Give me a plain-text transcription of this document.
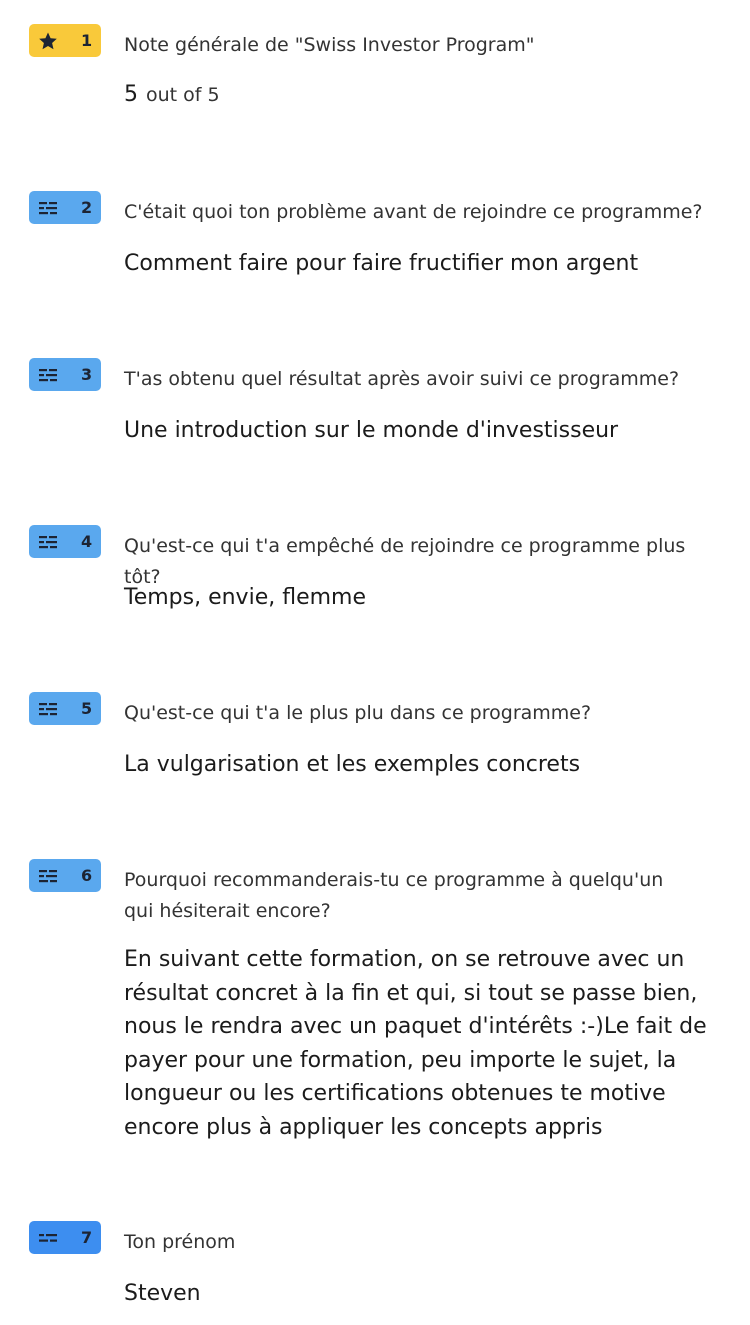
1 Note générale de "Swiss Investor Program"
5 out of 5
2 C'était quoi ton problème avant de rejoindre ce programme?
Comment faire pour faire fructifier mon argent
3 T'as obtenu quel résultat après avoir suivi ce programme?
Une introduction sur le monde d'investisseur
4 Qu'est-ce qui t'a empêché de rejoindre ce programme plus tôt?
Temps, envie, flemme
5 Qu'est-ce qui t'a le plus plu dans ce programme?
La vulgarisation et les exemples concrets
6 Pourquoi recommanderais-tu ce programme à quelqu'un qui hésiterait encore?
En suivant cette formation, on se retrouve avec un résultat concret à la fin et qui, si tout se passe bien, nous le rendra avec un paquet d'intérêts :-)Le fait de payer pour une formation, peu importe le sujet, la longueur ou les certifications obtenues te motive encore plus à appliquer les concepts appris
7 Ton prénom
Steven
